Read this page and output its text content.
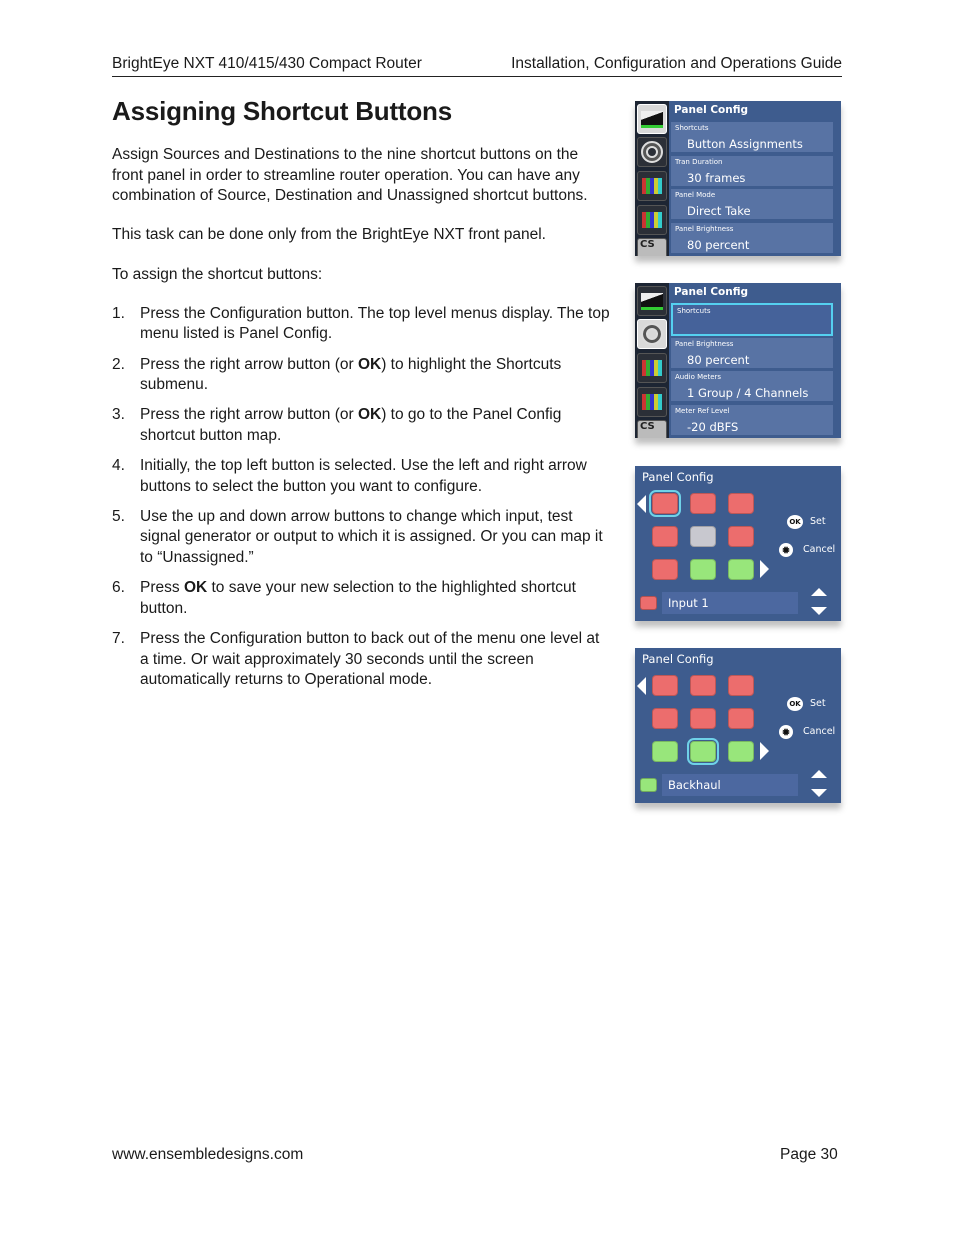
BrightEye NXT 410/415/430 Compact Router	Installation, Configuration and Operations Guide
Assigning Shortcut Buttons

Assign Sources and Destinations to the nine shortcut buttons on the front panel in order to streamline router operation. You can have any combination of Source, Destination and Unassigned shortcut buttons.

This task can be done only from the BrightEye NXT front panel.

To assign the shortcut buttons:

1. Press the Configuration button. The top level menus display. The top menu listed is Panel Config.
2. Press the right arrow button (or OK) to highlight the Shortcuts submenu.
3. Press the right arrow button (or OK) to go to the Panel Config shortcut button map.
4. Initially, the top left button is selected. Use the left and right arrow buttons to select the button you want to configure.
5. Use the up and down arrow buttons to change which input, test signal generator or output to which it is assigned. Or you can map it to “Unassigned.”
6. Press OK to save your new selection to the highlighted shortcut button.
7. Press the Configuration button to back out of the menu one level at a time. Or wait approximately 30 seconds until the screen automatically returns to Operational mode.
CS
Panel Config
Shortcuts
Button Assignments
Tran Duration
30 frames
Panel Mode
Direct Take
Panel Brightness
80 percent
CS
Panel Config
Shortcuts
Panel Brightness
80 percent
Audio Meters
1 Group / 4 Channels
Meter Ref Level
-20 dBFS
Panel Config
OK Set
✹ Cancel
Input 1
Panel Config
OK Set
✹ Cancel
Backhaul
www.ensembledesigns.com	Page 30
